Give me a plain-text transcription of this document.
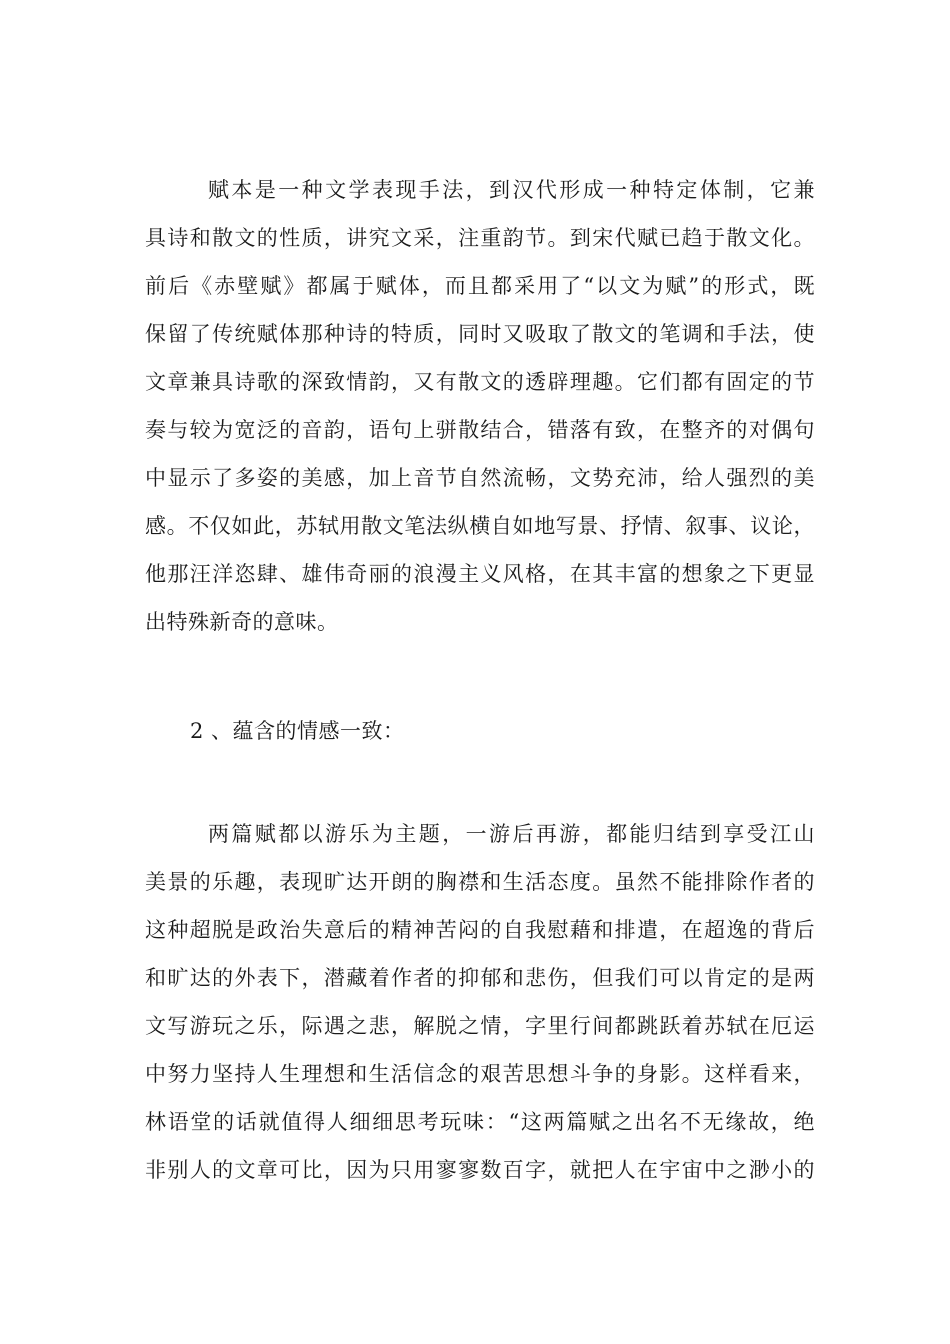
赋本是一种文学表现手法，到汉代形成一种特定体制，它兼
具诗和散文的性质，讲究文采，注重韵节。到宋代赋已趋于散文化。
前后《赤壁赋》都属于赋体，而且都采用了“以文为赋”的形式，既
保留了传统赋体那种诗的特质，同时又吸取了散文的笔调和手法，使
文章兼具诗歌的深致情韵，又有散文的透辟理趣。它们都有固定的节
奏与较为宽泛的音韵，语句上骈散结合，错落有致，在整齐的对偶句
中显示了多姿的美感，加上音节自然流畅，文势充沛，给人强烈的美
感。不仅如此，苏轼用散文笔法纵横自如地写景、抒情、叙事、议论，
他那汪洋恣肆、雄伟奇丽的浪漫主义风格，在其丰富的想象之下更显
出特殊新奇的意味。
2 、蕴含的情感一致：
两篇赋都以游乐为主题，一游后再游，都能归结到享受江山
美景的乐趣，表现旷达开朗的胸襟和生活态度。虽然不能排除作者的
这种超脱是政治失意后的精神苦闷的自我慰藉和排遣，在超逸的背后
和旷达的外表下，潜藏着作者的抑郁和悲伤，但我们可以肯定的是两
文写游玩之乐，际遇之悲，解脱之情，字里行间都跳跃着苏轼在厄运
中努力坚持人生理想和生活信念的艰苦思想斗争的身影。这样看来，
林语堂的话就值得人细细思考玩味：“这两篇赋之出名不无缘故，绝
非别人的文章可比，因为只用寥寥数百字，就把人在宇宙中之渺小的
